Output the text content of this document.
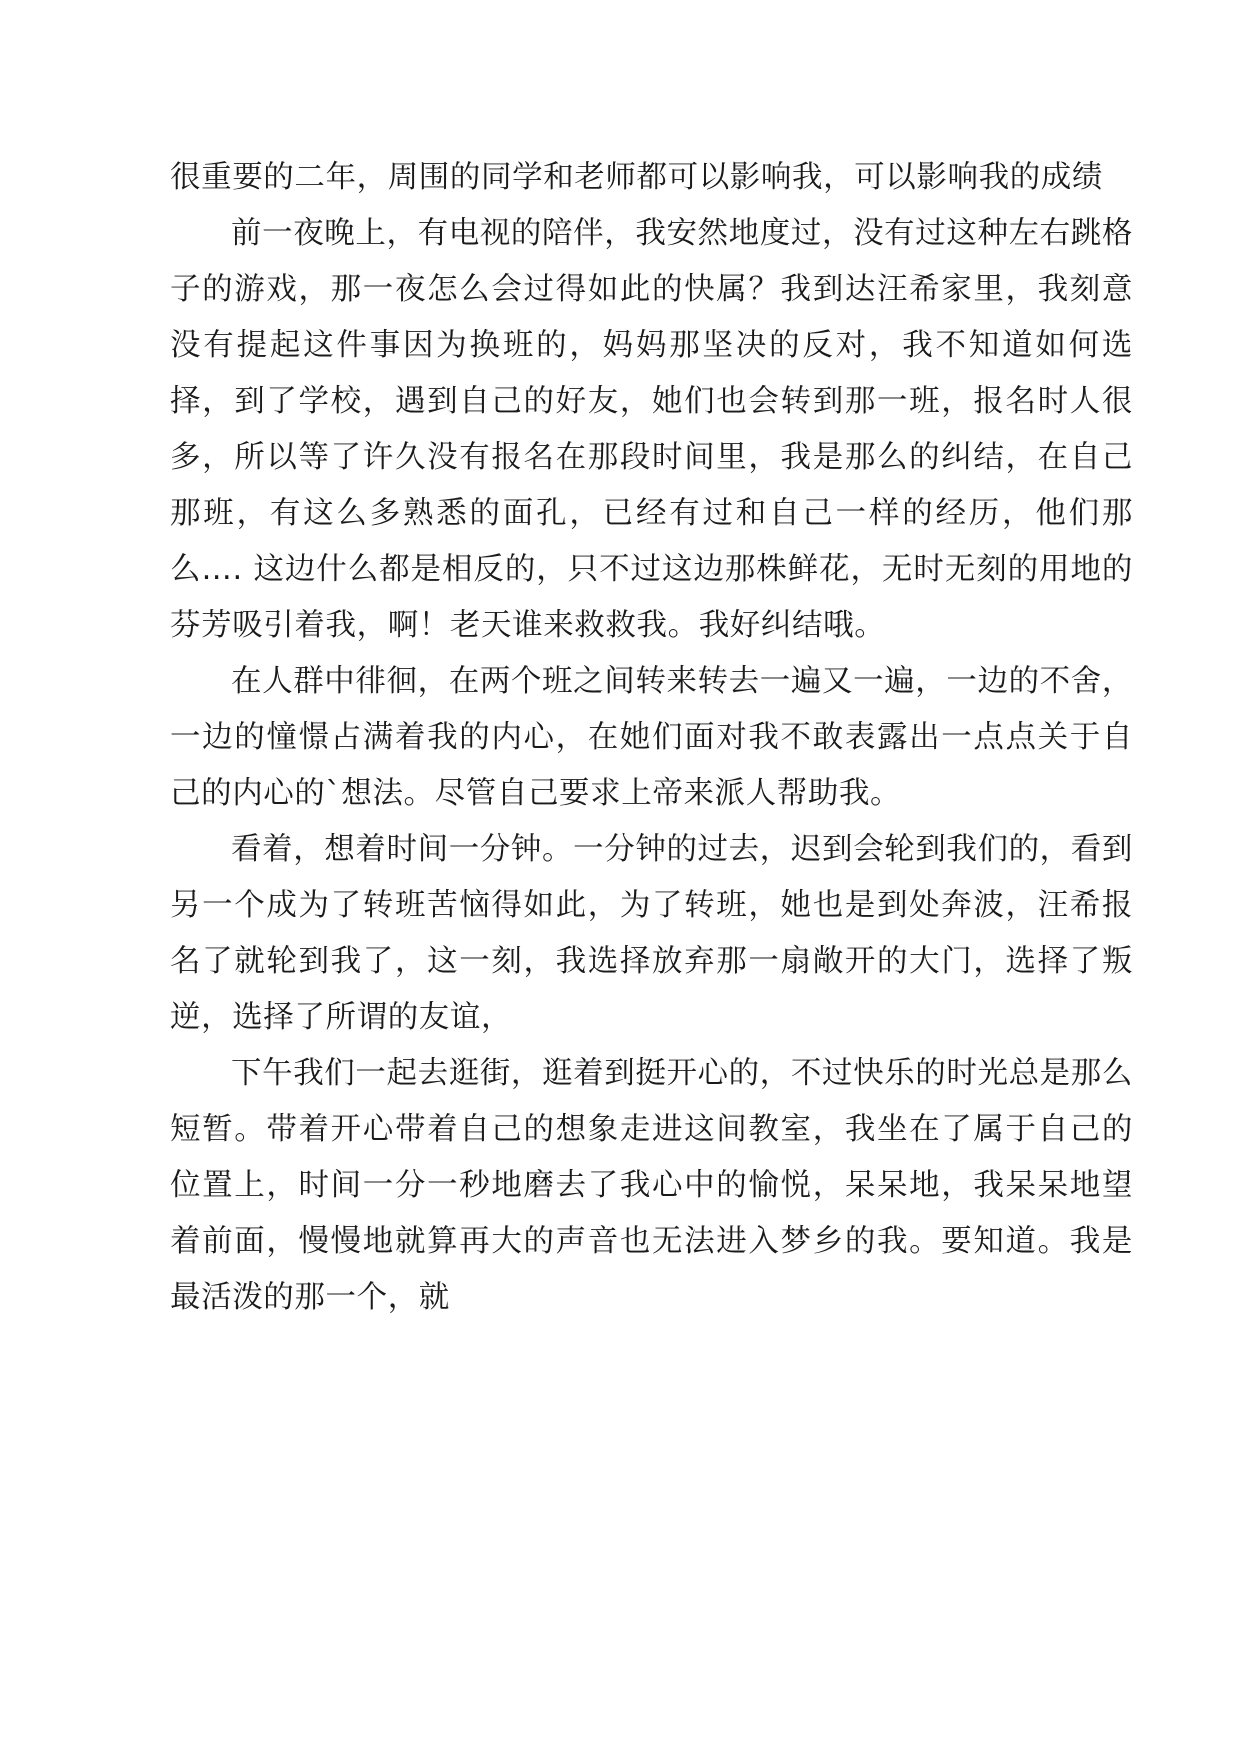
很重要的二年，周围的同学和老师都可以影响我，可以影响我的成绩

前一夜晚上，有电视的陪伴，我安然地度过，没有过这种左右跳格子的游戏，那一夜怎么会过得如此的快属？我到达汪希家里，我刻意没有提起这件事因为换班的，妈妈那坚决的反对，我不知道如何选择，到了学校，遇到自己的好友，她们也会转到那一班，报名时人很多，所以等了许久没有报名在那段时间里，我是那么的纠结，在自己那班，有这么多熟悉的面孔，已经有过和自己一样的经历，他们那么…. 这边什么都是相反的，只不过这边那株鲜花，无时无刻的用地的芬芳吸引着我，啊！老天谁来救救我。我好纠结哦。

在人群中徘徊，在两个班之间转来转去一遍又一遍，一边的不舍，一边的憧憬占满着我的内心，在她们面对我不敢表露出一点点关于自己的内心的`想法。尽管自己要求上帝来派人帮助我。

看着，想着时间一分钟。一分钟的过去，迟到会轮到我们的，看到另一个成为了转班苦恼得如此，为了转班，她也是到处奔波，汪希报名了就轮到我了，这一刻，我选择放弃那一扇敞开的大门，选择了叛逆，选择了所谓的友谊，

下午我们一起去逛街，逛着到挺开心的，不过快乐的时光总是那么短暂。带着开心带着自己的想象走进这间教室，我坐在了属于自己的位置上，时间一分一秒地磨去了我心中的愉悦，呆呆地，我呆呆地望着前面，慢慢地就算再大的声音也无法进入梦乡的我。要知道。我是最活泼的那一个，就
